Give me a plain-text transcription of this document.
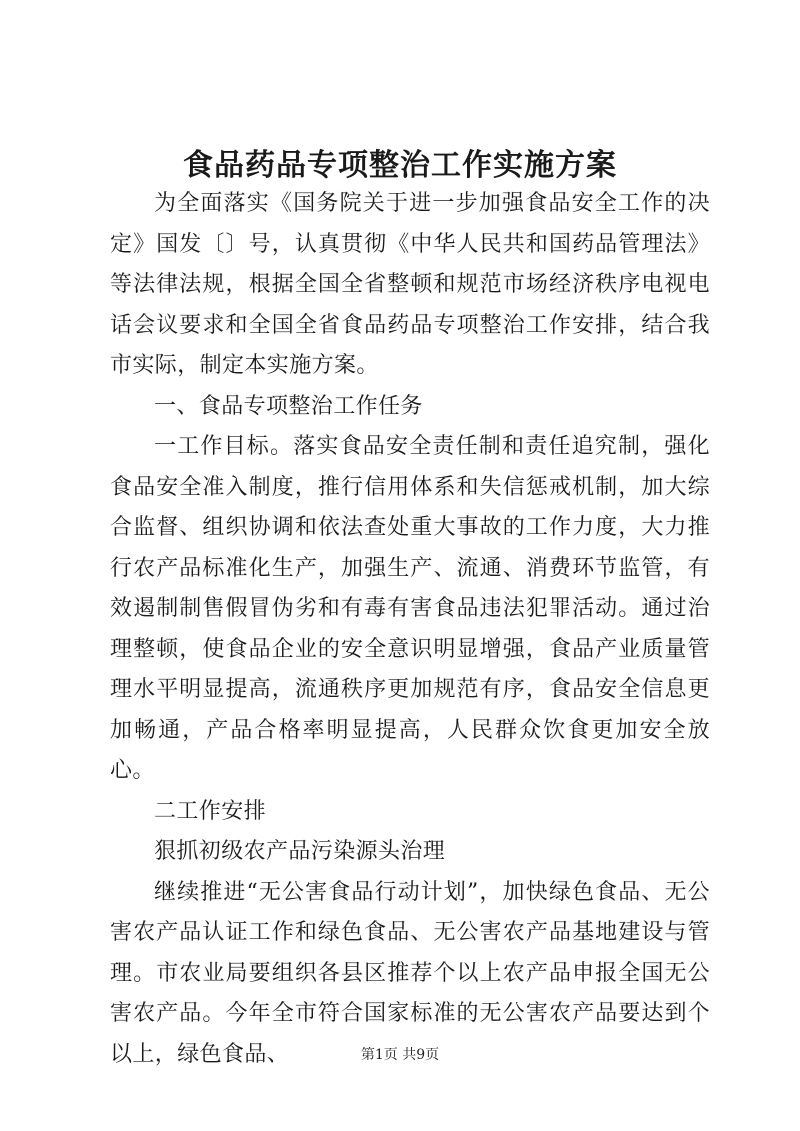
食品药品专项整治工作实施方案

为全面落实《国务院关于进一步加强食品安全工作的决定》国发〔〕号，认真贯彻《中华人民共和国药品管理法》等法律法规，根据全国全省整顿和规范市场经济秩序电视电话会议要求和全国全省食品药品专项整治工作安排，结合我市实际，制定本实施方案。

一、食品专项整治工作任务

一工作目标。落实食品安全责任制和责任追究制，强化食品安全准入制度，推行信用体系和失信惩戒机制，加大综合监督、组织协调和依法查处重大事故的工作力度，大力推行农产品标准化生产，加强生产、流通、消费环节监管，有效遏制制售假冒伪劣和有毒有害食品违法犯罪活动。通过治理整顿，使食品企业的安全意识明显增强，食品产业质量管理水平明显提高，流通秩序更加规范有序，食品安全信息更加畅通，产品合格率明显提高，人民群众饮食更加安全放心。

二工作安排

狠抓初级农产品污染源头治理

继续推进“无公害食品行动计划”，加快绿色食品、无公害农产品认证工作和绿色食品、无公害农产品基地建设与管理。市农业局要组织各县区推荐个以上农产品申报全国无公害农产品。今年全市符合国家标准的无公害农产品要达到个以上，绿色食品、	第1页 共9页
